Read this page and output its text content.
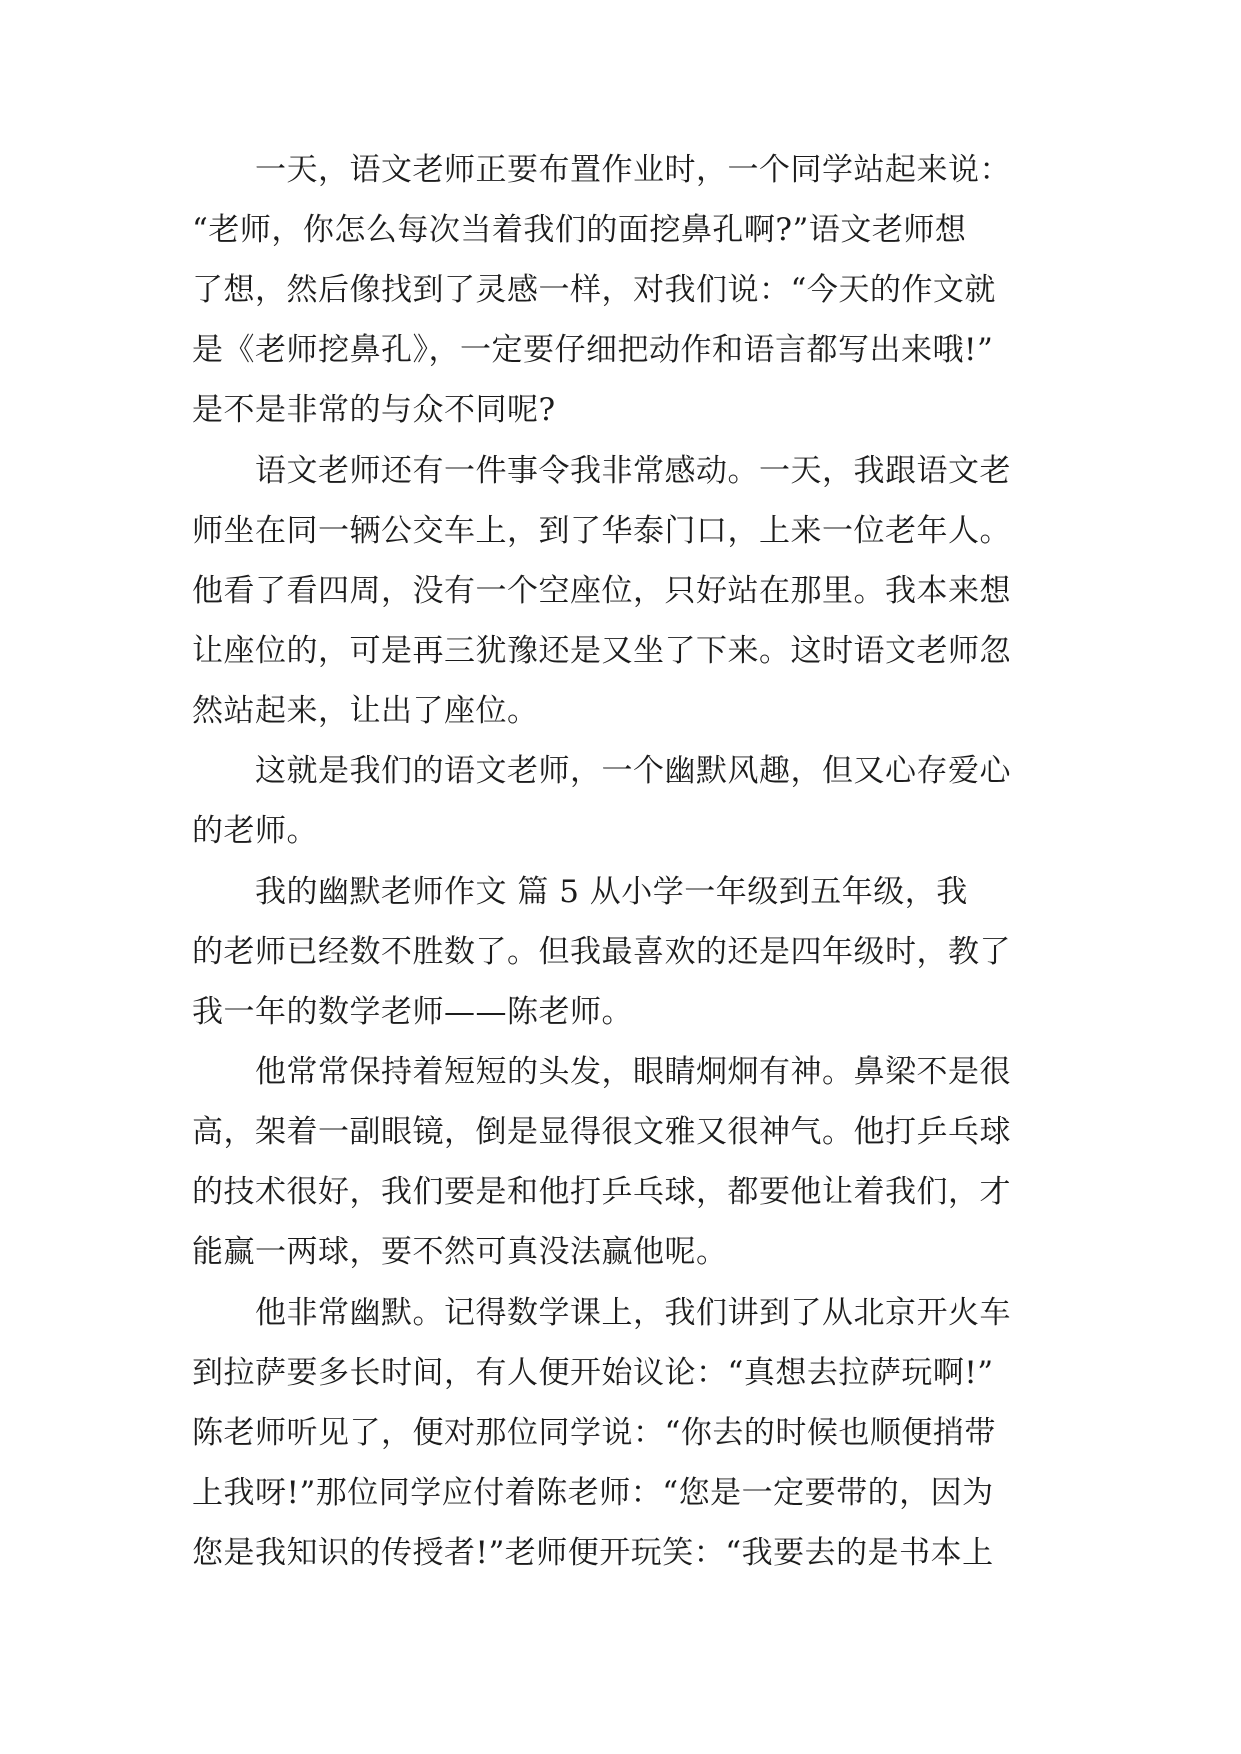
一天，语文老师正要布置作业时，一个同学站起来说：
“老师，你怎么每次当着我们的面挖鼻孔啊?”语文老师想
了想，然后像找到了灵感一样，对我们说：“今天的作文就
是《老师挖鼻孔》，一定要仔细把动作和语言都写出来哦!”
是不是非常的与众不同呢?
语文老师还有一件事令我非常感动。一天，我跟语文老
师坐在同一辆公交车上，到了华泰门口，上来一位老年人。
他看了看四周，没有一个空座位，只好站在那里。我本来想
让座位的，可是再三犹豫还是又坐了下来。这时语文老师忽
然站起来，让出了座位。
这就是我们的语文老师，一个幽默风趣，但又心存爱心
的老师。
我的幽默老师作文 篇 5 从小学一年级到五年级，我
的老师已经数不胜数了。但我最喜欢的还是四年级时，教了
我一年的数学老师——陈老师。
他常常保持着短短的头发，眼睛炯炯有神。鼻梁不是很
高，架着一副眼镜，倒是显得很文雅又很神气。他打乒乓球
的技术很好，我们要是和他打乒乓球，都要他让着我们，才
能赢一两球，要不然可真没法赢他呢。
他非常幽默。记得数学课上，我们讲到了从北京开火车
到拉萨要多长时间，有人便开始议论：“真想去拉萨玩啊!”
陈老师听见了，便对那位同学说：“你去的时候也顺便捎带
上我呀!”那位同学应付着陈老师：“您是一定要带的，因为
您是我知识的传授者!”老师便开玩笑：“我要去的是书本上
